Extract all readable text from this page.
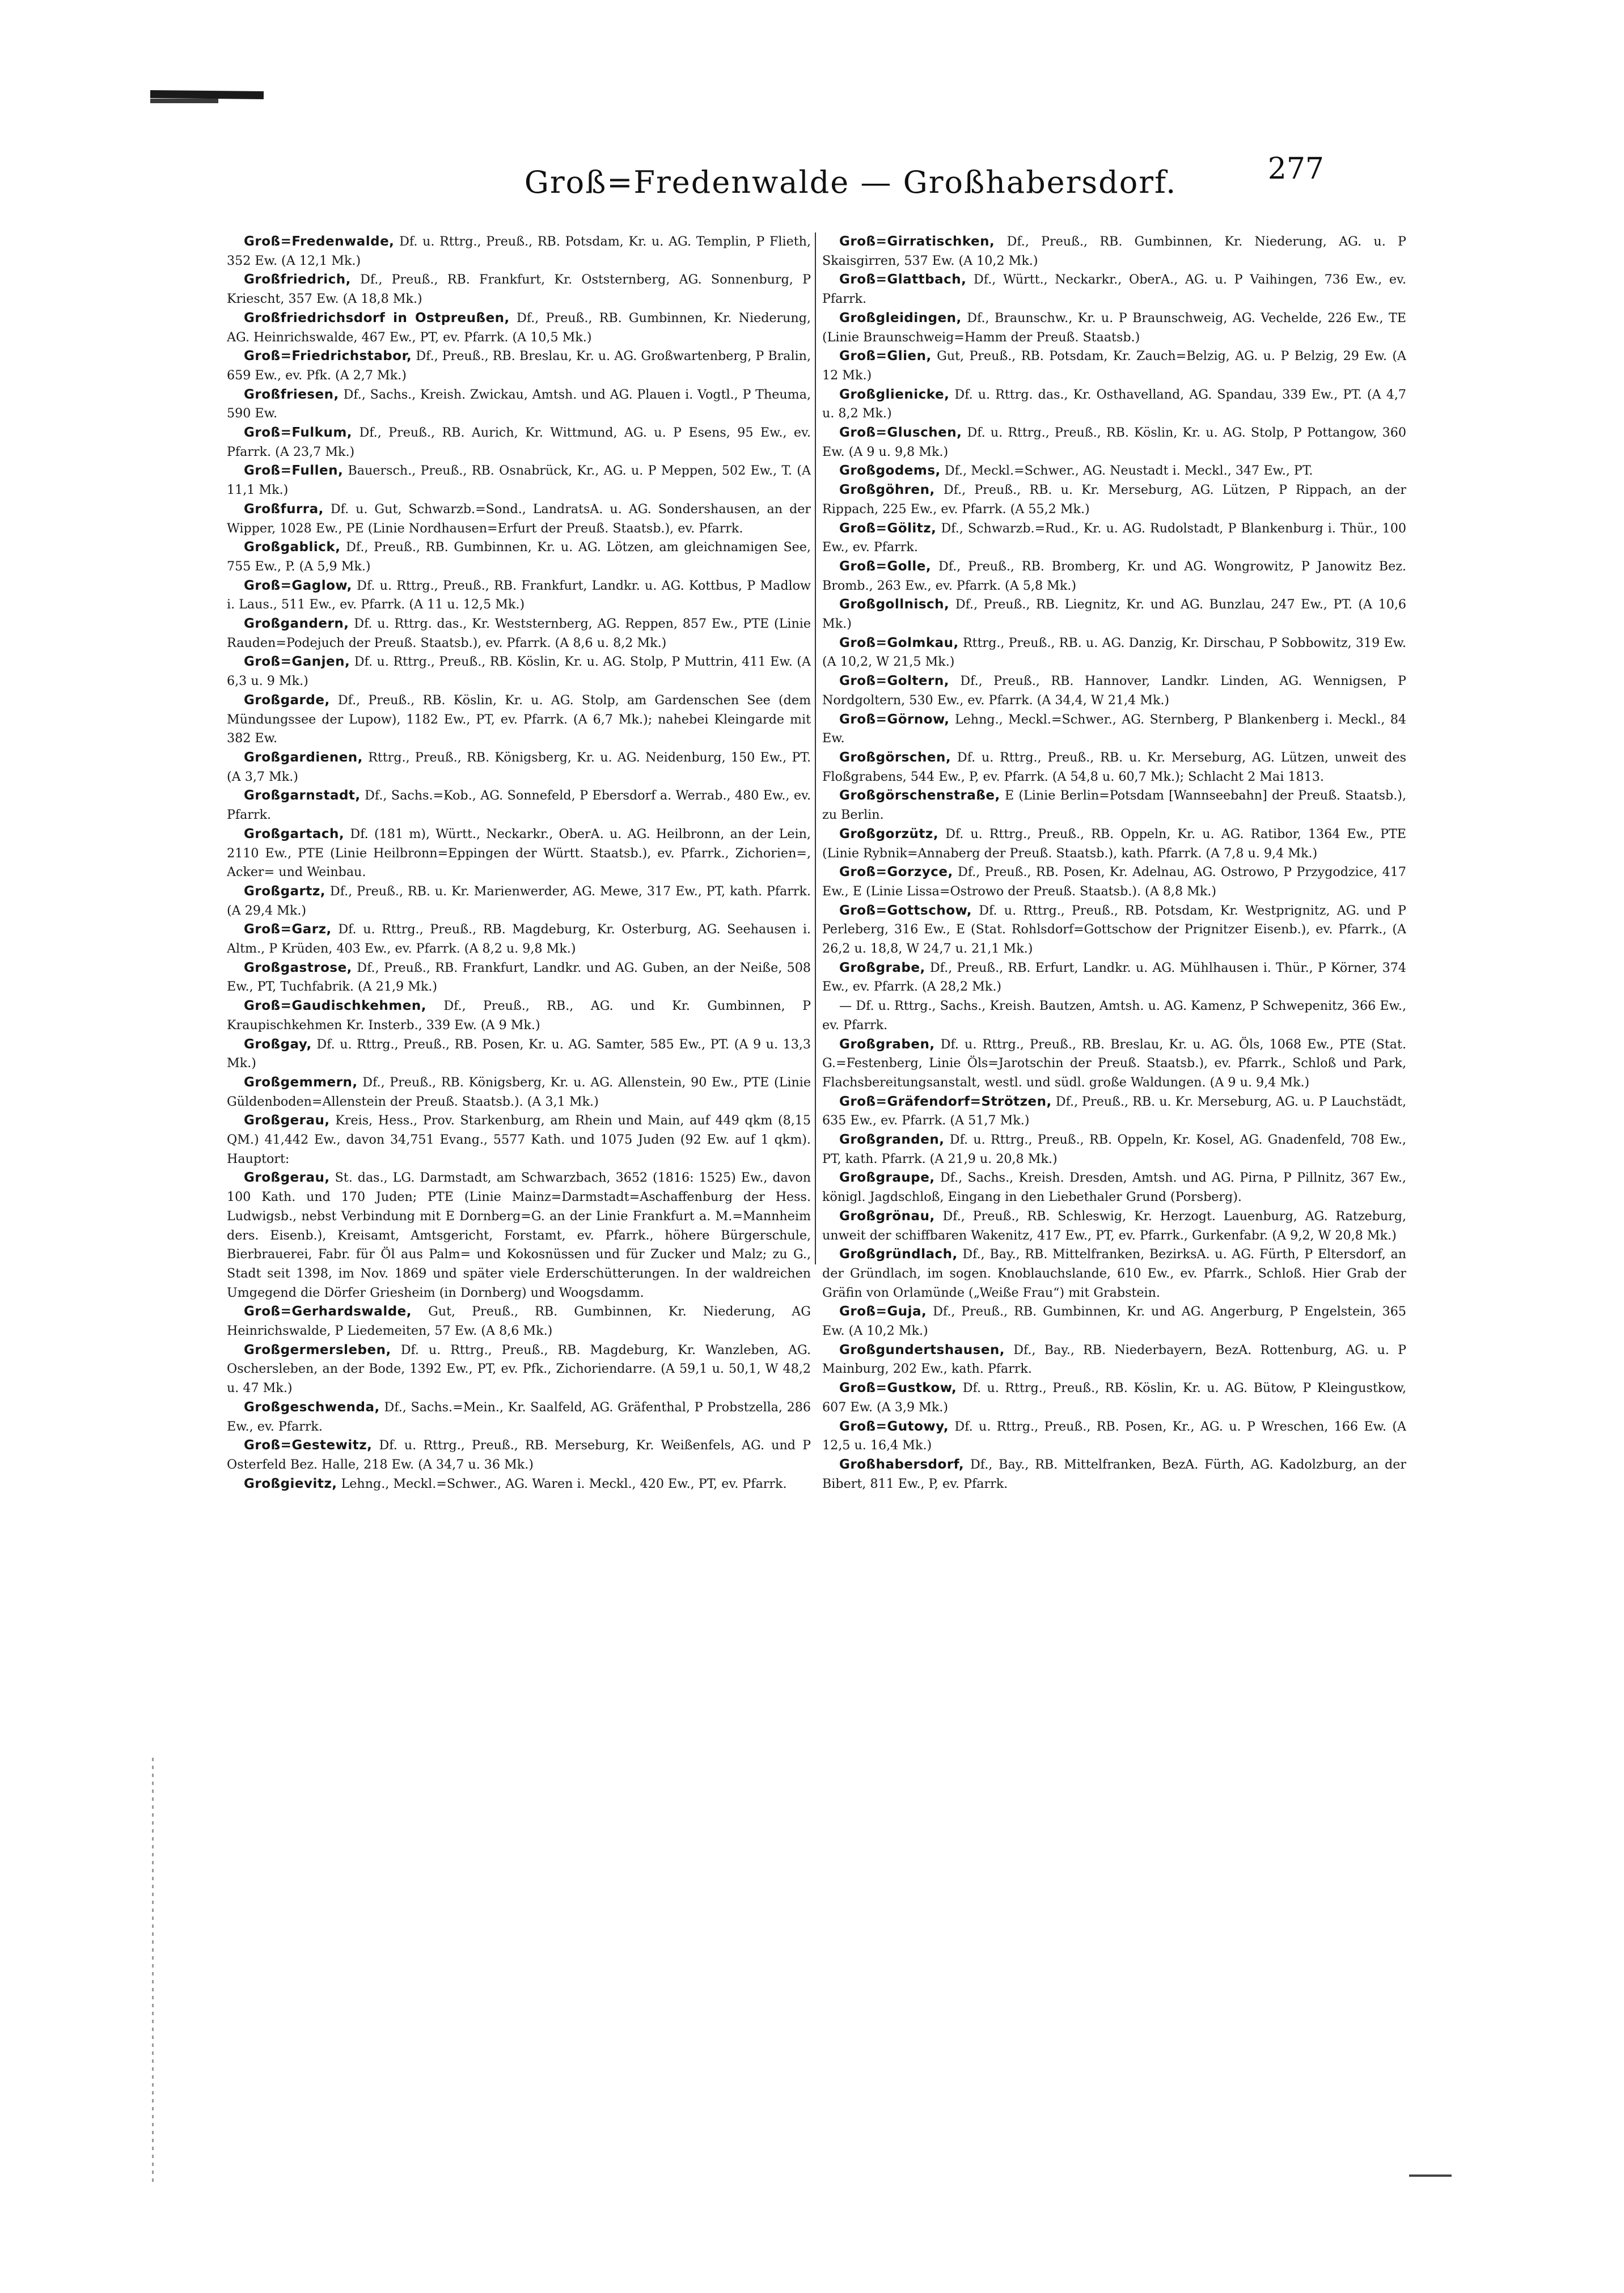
Groß=Fredenwalde — Großhabersdorf.	277

Groß=Fredenwalde, Df. u. Rttrg., Preuß., RB. Potsdam, Kr. u. AG. Templin, P Flieth, 352 Ew. (A 12,1 Mk.)

Großfriedrich, Df., Preuß., RB. Frankfurt, Kr. Oststernberg, AG. Sonnenburg, P Kriescht, 357 Ew. (A 18,8 Mk.)

Großfriedrichsdorf in Ostpreußen, Df., Preuß., RB. Gumbinnen, Kr. Niederung, AG. Heinrichswalde, 467 Ew., PT, ev. Pfarrk. (A 10,5 Mk.)

Groß=Friedrichstabor, Df., Preuß., RB. Breslau, Kr. u. AG. Großwartenberg, P Bralin, 659 Ew., ev. Pfk. (A 2,7 Mk.)

Großfriesen, Df., Sachs., Kreish. Zwickau, Amtsh. und AG. Plauen i. Vogtl., P Theuma, 590 Ew.

Groß=Fulkum, Df., Preuß., RB. Aurich, Kr. Wittmund, AG. u. P Esens, 95 Ew., ev. Pfarrk. (A 23,7 Mk.)

Groß=Fullen, Bauersch., Preuß., RB. Osnabrück, Kr., AG. u. P Meppen, 502 Ew., T. (A 11,1 Mk.)

Großfurra, Df. u. Gut, Schwarzb.=Sond., LandratsA. u. AG. Sondershausen, an der Wipper, 1028 Ew., PE (Linie Nordhausen=Erfurt der Preuß. Staatsb.), ev. Pfarrk.

Großgablick, Df., Preuß., RB. Gumbinnen, Kr. u. AG. Lötzen, am gleichnamigen See, 755 Ew., P. (A 5,9 Mk.)

Groß=Gaglow, Df. u. Rttrg., Preuß., RB. Frankfurt, Landkr. u. AG. Kottbus, P Madlow i. Laus., 511 Ew., ev. Pfarrk. (A 11 u. 12,5 Mk.)

Großgandern, Df. u. Rttrg. das., Kr. Weststernberg, AG. Reppen, 857 Ew., PTE (Linie Rauden=Podejuch der Preuß. Staatsb.), ev. Pfarrk. (A 8,6 u. 8,2 Mk.)

Groß=Ganjen, Df. u. Rttrg., Preuß., RB. Köslin, Kr. u. AG. Stolp, P Muttrin, 411 Ew. (A 6,3 u. 9 Mk.)

Großgarde, Df., Preuß., RB. Köslin, Kr. u. AG. Stolp, am Gardenschen See (dem Mündungssee der Lupow), 1182 Ew., PT, ev. Pfarrk. (A 6,7 Mk.); nahebei Kleingarde mit 382 Ew.

Großgardienen, Rttrg., Preuß., RB. Königsberg, Kr. u. AG. Neidenburg, 150 Ew., PT. (A 3,7 Mk.)

Großgarnstadt, Df., Sachs.=Kob., AG. Sonnefeld, P Ebersdorf a. Werrab., 480 Ew., ev. Pfarrk.

Großgartach, Df. (181 m), Württ., Neckarkr., OberA. u. AG. Heilbronn, an der Lein, 2110 Ew., PTE (Linie Heilbronn=Eppingen der Württ. Staatsb.), ev. Pfarrk., Zichorien=, Acker= und Weinbau.

Großgartz, Df., Preuß., RB. u. Kr. Marienwerder, AG. Mewe, 317 Ew., PT, kath. Pfarrk. (A 29,4 Mk.)

Groß=Garz, Df. u. Rttrg., Preuß., RB. Magdeburg, Kr. Osterburg, AG. Seehausen i. Altm., P Krüden, 403 Ew., ev. Pfarrk. (A 8,2 u. 9,8 Mk.)

Großgastrose, Df., Preuß., RB. Frankfurt, Landkr. und AG. Guben, an der Neiße, 508 Ew., PT, Tuchfabrik. (A 21,9 Mk.)

Groß=Gaudischkehmen, Df., Preuß., RB., AG. und Kr. Gumbinnen, P Kraupischkehmen Kr. Insterb., 339 Ew. (A 9 Mk.)

Großgay, Df. u. Rttrg., Preuß., RB. Posen, Kr. u. AG. Samter, 585 Ew., PT. (A 9 u. 13,3 Mk.)

Großgemmern, Df., Preuß., RB. Königsberg, Kr. u. AG. Allenstein, 90 Ew., PTE (Linie Güldenboden=Allenstein der Preuß. Staatsb.). (A 3,1 Mk.)

Großgerau, Kreis, Hess., Prov. Starkenburg, am Rhein und Main, auf 449 qkm (8,15 QM.) 41,442 Ew., davon 34,751 Evang., 5577 Kath. und 1075 Juden (92 Ew. auf 1 qkm). Hauptort:

Großgerau, St. das., LG. Darmstadt, am Schwarzbach, 3652 (1816: 1525) Ew., davon 100 Kath. und 170 Juden; PTE (Linie Mainz=Darmstadt=Aschaffenburg der Hess. Ludwigsb., nebst Verbindung mit E Dornberg=G. an der Linie Frankfurt a. M.=Mannheim ders. Eisenb.), Kreisamt, Amtsgericht, Forstamt, ev. Pfarrk., höhere Bürgerschule, Bierbrauerei, Fabr. für Öl aus Palm= und Kokosnüssen und für Zucker und Malz; zu G., Stadt seit 1398, im Nov. 1869 und später viele Erderschütterungen. In der waldreichen Umgegend die Dörfer Griesheim (in Dornberg) und Woogsdamm.

Groß=Gerhardswalde, Gut, Preuß., RB. Gumbinnen, Kr. Niederung, AG Heinrichswalde, P Liedemeiten, 57 Ew. (A 8,6 Mk.)

Großgermersleben, Df. u. Rttrg., Preuß., RB. Magdeburg, Kr. Wanzleben, AG. Oschersleben, an der Bode, 1392 Ew., PT, ev. Pfk., Zichoriendarre. (A 59,1 u. 50,1, W 48,2 u. 47 Mk.)

Großgeschwenda, Df., Sachs.=Mein., Kr. Saalfeld, AG. Gräfenthal, P Probstzella, 286 Ew., ev. Pfarrk.

Groß=Gestewitz, Df. u. Rttrg., Preuß., RB. Merseburg, Kr. Weißenfels, AG. und P Osterfeld Bez. Halle, 218 Ew. (A 34,7 u. 36 Mk.)

Großgievitz, Lehng., Meckl.=Schwer., AG. Waren i. Meckl., 420 Ew., PT, ev. Pfarrk.

Groß=Girratischken, Df., Preuß., RB. Gumbinnen, Kr. Niederung, AG. u. P Skaisgirren, 537 Ew. (A 10,2 Mk.)

Groß=Glattbach, Df., Württ., Neckarkr., OberA., AG. u. P Vaihingen, 736 Ew., ev. Pfarrk.

Großgleidingen, Df., Braunschw., Kr. u. P Braunschweig, AG. Vechelde, 226 Ew., TE (Linie Braunschweig=Hamm der Preuß. Staatsb.)

Groß=Glien, Gut, Preuß., RB. Potsdam, Kr. Zauch=Belzig, AG. u. P Belzig, 29 Ew. (A 12 Mk.)

Großglienicke, Df. u. Rttrg. das., Kr. Osthavelland, AG. Spandau, 339 Ew., PT. (A 4,7 u. 8,2 Mk.)

Groß=Gluschen, Df. u. Rttrg., Preuß., RB. Köslin, Kr. u. AG. Stolp, P Pottangow, 360 Ew. (A 9 u. 9,8 Mk.)

Großgodems, Df., Meckl.=Schwer., AG. Neustadt i. Meckl., 347 Ew., PT.

Großgöhren, Df., Preuß., RB. u. Kr. Merseburg, AG. Lützen, P Rippach, an der Rippach, 225 Ew., ev. Pfarrk. (A 55,2 Mk.)

Groß=Gölitz, Df., Schwarzb.=Rud., Kr. u. AG. Rudolstadt, P Blankenburg i. Thür., 100 Ew., ev. Pfarrk.

Groß=Golle, Df., Preuß., RB. Bromberg, Kr. und AG. Wongrowitz, P Janowitz Bez. Bromb., 263 Ew., ev. Pfarrk. (A 5,8 Mk.)

Großgollnisch, Df., Preuß., RB. Liegnitz, Kr. und AG. Bunzlau, 247 Ew., PT. (A 10,6 Mk.)

Groß=Golmkau, Rttrg., Preuß., RB. u. AG. Danzig, Kr. Dirschau, P Sobbowitz, 319 Ew. (A 10,2, W 21,5 Mk.)

Groß=Goltern, Df., Preuß., RB. Hannover, Landkr. Linden, AG. Wennigsen, P Nordgoltern, 530 Ew., ev. Pfarrk. (A 34,4, W 21,4 Mk.)

Groß=Görnow, Lehng., Meckl.=Schwer., AG. Sternberg, P Blankenberg i. Meckl., 84 Ew.

Großgörschen, Df. u. Rttrg., Preuß., RB. u. Kr. Merseburg, AG. Lützen, unweit des Floßgrabens, 544 Ew., P, ev. Pfarrk. (A 54,8 u. 60,7 Mk.); Schlacht 2 Mai 1813.

Großgörschenstraße, E (Linie Berlin=Potsdam [Wannseebahn] der Preuß. Staatsb.), zu Berlin.

Großgorzütz, Df. u. Rttrg., Preuß., RB. Oppeln, Kr. u. AG. Ratibor, 1364 Ew., PTE (Linie Rybnik=Annaberg der Preuß. Staatsb.), kath. Pfarrk. (A 7,8 u. 9,4 Mk.)

Groß=Gorzyce, Df., Preuß., RB. Posen, Kr. Adelnau, AG. Ostrowo, P Przygodzice, 417 Ew., E (Linie Lissa=Ostrowo der Preuß. Staatsb.). (A 8,8 Mk.)

Groß=Gottschow, Df. u. Rttrg., Preuß., RB. Potsdam, Kr. Westprignitz, AG. und P Perleberg, 316 Ew., E (Stat. Rohlsdorf=Gottschow der Prignitzer Eisenb.), ev. Pfarrk., (A 26,2 u. 18,8, W 24,7 u. 21,1 Mk.)

Großgrabe, Df., Preuß., RB. Erfurt, Landkr. u. AG. Mühlhausen i. Thür., P Körner, 374 Ew., ev. Pfarrk. (A 28,2 Mk.)

— Df. u. Rttrg., Sachs., Kreish. Bautzen, Amtsh. u. AG. Kamenz, P Schwepenitz, 366 Ew., ev. Pfarrk.

Großgraben, Df. u. Rttrg., Preuß., RB. Breslau, Kr. u. AG. Öls, 1068 Ew., PTE (Stat. G.=Festenberg, Linie Öls=Jarotschin der Preuß. Staatsb.), ev. Pfarrk., Schloß und Park, Flachsbereitungsanstalt, westl. und südl. große Waldungen. (A 9 u. 9,4 Mk.)

Groß=Gräfendorf=Strötzen, Df., Preuß., RB. u. Kr. Merseburg, AG. u. P Lauchstädt, 635 Ew., ev. Pfarrk. (A 51,7 Mk.)

Großgranden, Df. u. Rttrg., Preuß., RB. Oppeln, Kr. Kosel, AG. Gnadenfeld, 708 Ew., PT, kath. Pfarrk. (A 21,9 u. 20,8 Mk.)

Großgraupe, Df., Sachs., Kreish. Dresden, Amtsh. und AG. Pirna, P Pillnitz, 367 Ew., königl. Jagdschloß, Eingang in den Liebethaler Grund (Porsberg).

Großgrönau, Df., Preuß., RB. Schleswig, Kr. Herzogt. Lauenburg, AG. Ratzeburg, unweit der schiffbaren Wakenitz, 417 Ew., PT, ev. Pfarrk., Gurkenfabr. (A 9,2, W 20,8 Mk.)

Großgründlach, Df., Bay., RB. Mittelfranken, BezirksA. u. AG. Fürth, P Eltersdorf, an der Gründlach, im sogen. Knoblauchslande, 610 Ew., ev. Pfarrk., Schloß. Hier Grab der Gräfin von Orlamünde („Weiße Frau“) mit Grabstein.

Groß=Guja, Df., Preuß., RB. Gumbinnen, Kr. und AG. Angerburg, P Engelstein, 365 Ew. (A 10,2 Mk.)

Großgundertshausen, Df., Bay., RB. Niederbayern, BezA. Rottenburg, AG. u. P Mainburg, 202 Ew., kath. Pfarrk.

Groß=Gustkow, Df. u. Rttrg., Preuß., RB. Köslin, Kr. u. AG. Bütow, P Kleingustkow, 607 Ew. (A 3,9 Mk.)

Groß=Gutowy, Df. u. Rttrg., Preuß., RB. Posen, Kr., AG. u. P Wreschen, 166 Ew. (A 12,5 u. 16,4 Mk.)

Großhabersdorf, Df., Bay., RB. Mittelfranken, BezA. Fürth, AG. Kadolzburg, an der Bibert, 811 Ew., P, ev. Pfarrk.
